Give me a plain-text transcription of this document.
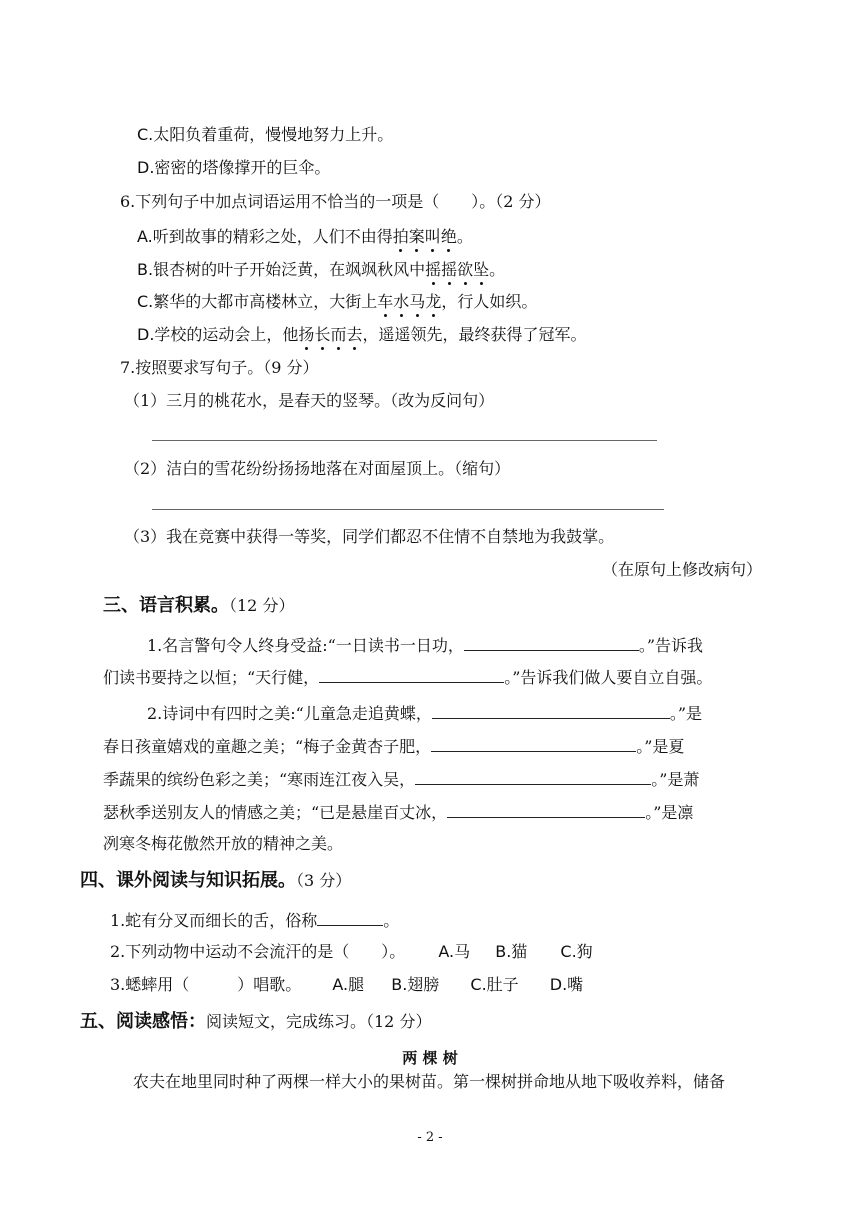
C.太阳负着重荷，慢慢地努力上升。
D.密密的塔像撑开的巨伞。
6.下列句子中加点词语运用不恰当的一项是（　　）。（2 分）
A.听到故事的精彩之处，人们不由得拍案叫绝。
B.银杏树的叶子开始泛黄，在飒飒秋风中摇摇欲坠。
C.繁华的大都市高楼林立，大街上车水马龙，行人如织。
D.学校的运动会上，他扬长而去，遥遥领先，最终获得了冠军。
7.按照要求写句子。（9 分）
（1）三月的桃花水，是春天的竖琴。（改为反问句）
（2）洁白的雪花纷纷扬扬地落在对面屋顶上。（缩句）
（3）我在竞赛中获得一等奖，同学们都忍不住情不自禁地为我鼓掌。
（在原句上修改病句）
三、语言积累。（12 分）
1.名言警句令人终身受益:“一日读书一日功，	。”告诉我
们读书要持之以恒；“天行健，	。”告诉我们做人要自立自强。
2.诗词中有四时之美:“儿童急走追黄蝶，	。”是
春日孩童嬉戏的童趣之美；“梅子金黄杏子肥，	。”是夏
季蔬果的缤纷色彩之美；“寒雨连江夜入吴，	。”是萧
瑟秋季送别友人的情感之美；“已是悬崖百丈冰，	。”是凛
冽寒冬梅花傲然开放的精神之美。
四、课外阅读与知识拓展。（3 分）
1.蛇有分叉而细长的舌，俗称	。
2.下列动物中运动不会流汗的是（　　）。 A.马 B.猫 C.狗
3.蟋蟀用（　　　）唱歌。 A.腿 B.翅膀 C.肚子 D.嘴
五、阅读感悟：阅读短文，完成练习。（12 分）
两 棵 树
农夫在地里同时种了两棵一样大小的果树苗。第一棵树拼命地从地下吸收养料，储备
- 2 -
